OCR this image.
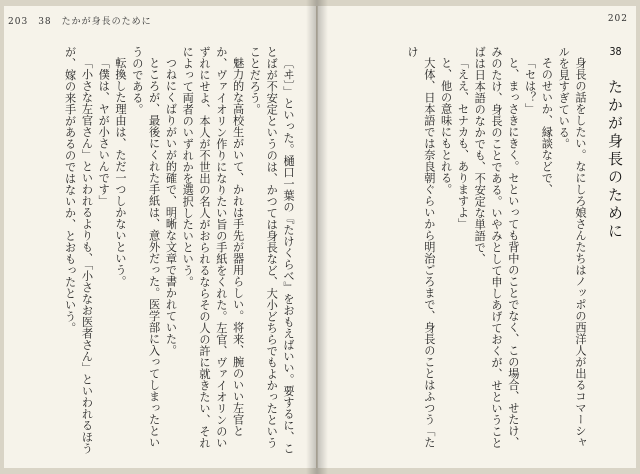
203 38 たかが身長のために

〔ヰ〕」といった。樋口一葉の『たけくらべ』をおもえばいい。要するに、ことばが不安定というのは、かつては身長など、大小どちらでもよかったということだろう。

魅力的な高校生がいて、かれは手先が器用らしい。将来、腕のいい左官とか、ヴァイオリン作りになりたい旨の手紙をくれた。左官、ヴァイオリンのいずれにせよ、本人が不世出の名人がおられるならその人の許に就きたい、それによって両者のいずれかを選択したいという。

つねにくばりがいが的確で、明晰な文章で書かれていた。

ところが、最後にくれた手紙は、意外だった。医学部に入ってしまったというのである。

転換した理由は、ただ一つしかないという。

「僕は、ヤが小さいんです」

「小さな左官さん」といわれるよりも、「小さなお医者さん」といわれるほうが、嫁の来手があるのではないか、とおもったという。

202
38 たかが身長のために

身長の話をしたい。なにしろ娘さんたちはノッポの西洋人が出るコマーシャルを見すぎている。

そのせいか、縁談などで、

「セは？」

と、まっさきにきく。セといっても背中のことでなく、この場合、せたけ、みのたけ、身長のことである。いやみとして申しあげておくが、せということばは日本語のなかでも、不安定な単語で、

「ええ、セナカも、ありますよ」

と、他の意味にもとれる。

大体、日本語では奈良朝ぐらいから明治ごろまで、身長のことはふつう「たけ
